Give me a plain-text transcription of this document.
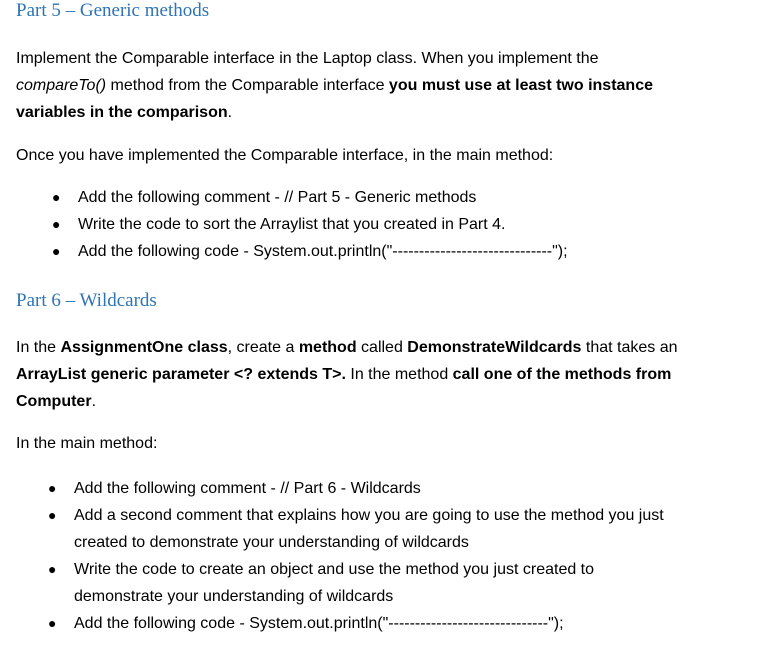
Part 5 – Generic methods
Implement the Comparable interface in the Laptop class. When you implement the
compareTo() method from the Comparable interface you must use at least two instance
variables in the comparison.
Once you have implemented the Comparable interface, in the main method:
● Add the following comment - // Part 5 - Generic methods
● Write the code to sort the Arraylist that you created in Part 4.
● Add the following code - System.out.println("------------------------------");
Part 6 – Wildcards
In the AssignmentOne class, create a method called DemonstrateWildcards that takes an
ArrayList generic parameter <? extends T>. In the method call one of the methods from
Computer.
In the main method:
● Add the following comment - // Part 6 - Wildcards
● Add a second comment that explains how you are going to use the method you just
created to demonstrate your understanding of wildcards
● Write the code to create an object and use the method you just created to
demonstrate your understanding of wildcards
● Add the following code - System.out.println("------------------------------");
